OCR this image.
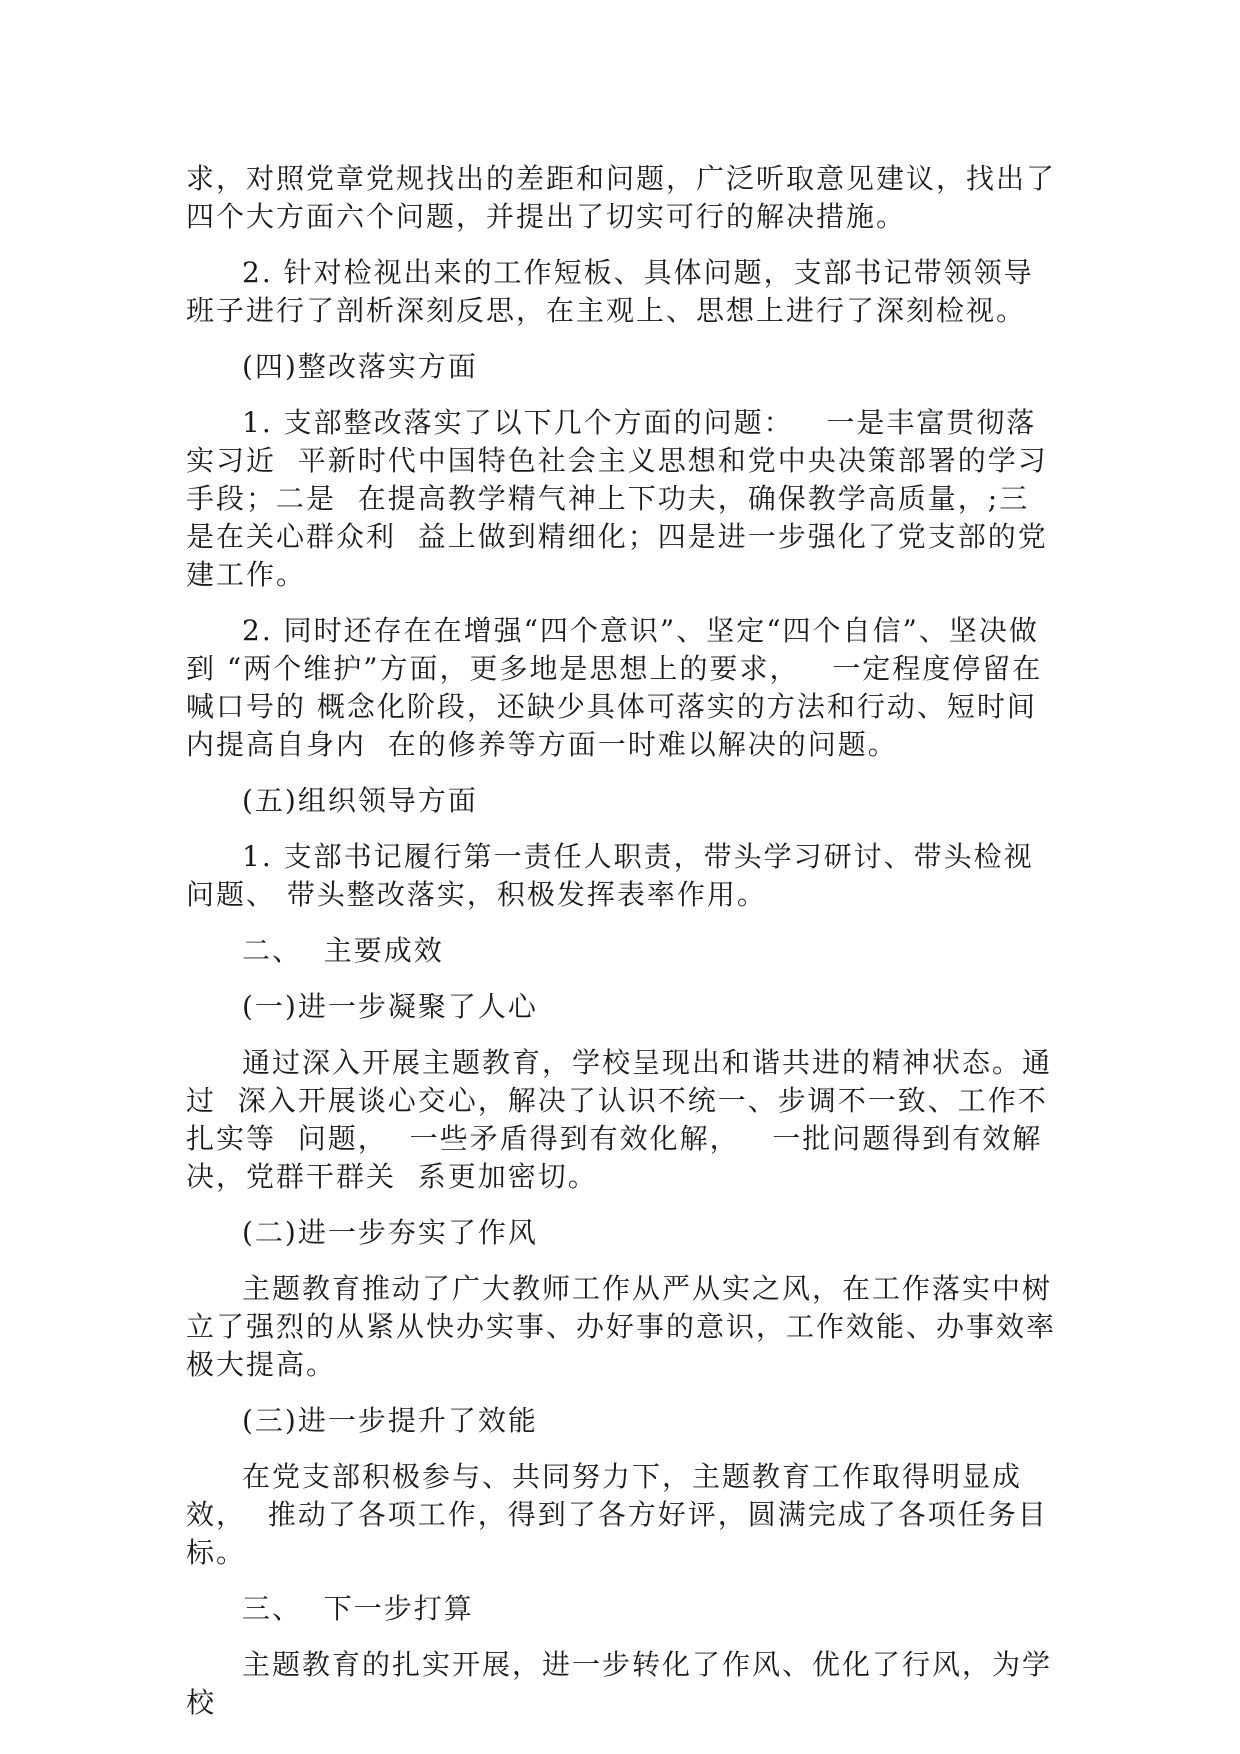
求，对照党章党规找出的差距和问题，广泛听取意见建议，找出了四个大方面六个问题，并提出了切实可行的解决措施。

2. 针对检视出来的工作短板、具体问题，支部书记带领领导班子进行了剖析深刻反思，在主观上、思想上进行了深刻检视。

(四)整改落实方面

1. 支部整改落实了以下几个方面的问题：   一是丰富贯彻落实习近  平新时代中国特色社会主义思想和党中央决策部署的学习手段；二是  在提高教学精气神上下功夫，确保教学高质量，;三是在关心群众利  益上做到精细化；四是进一步强化了党支部的党建工作。

2. 同时还存在在增强“四个意识”、坚定“四个自信”、坚决做到 “两个维护”方面，更多地是思想上的要求，   一定程度停留在喊口号的 概念化阶段，还缺少具体可落实的方法和行动、短时间内提高自身内  在的修养等方面一时难以解决的问题。

(五)组织领导方面

1. 支部书记履行第一责任人职责，带头学习研讨、带头检视问题、 带头整改落实，积极发挥表率作用。

二、  主要成效

(一)进一步凝聚了人心

通过深入开展主题教育，学校呈现出和谐共进的精神状态。通过  深入开展谈心交心，解决了认识不统一、步调不一致、工作不扎实等  问题，  一些矛盾得到有效化解，   一批问题得到有效解决，党群干群关  系更加密切。

(二)进一步夯实了作风

主题教育推动了广大教师工作从严从实之风，在工作落实中树立了强烈的从紧从快办实事、办好事的意识，工作效能、办事效率极大提高。

(三)进一步提升了效能

在党支部积极参与、共同努力下，主题教育工作取得明显成效，  推动了各项工作，得到了各方好评，圆满完成了各项任务目标。

三、  下一步打算

主题教育的扎实开展，进一步转化了作风、优化了行风，为学校
